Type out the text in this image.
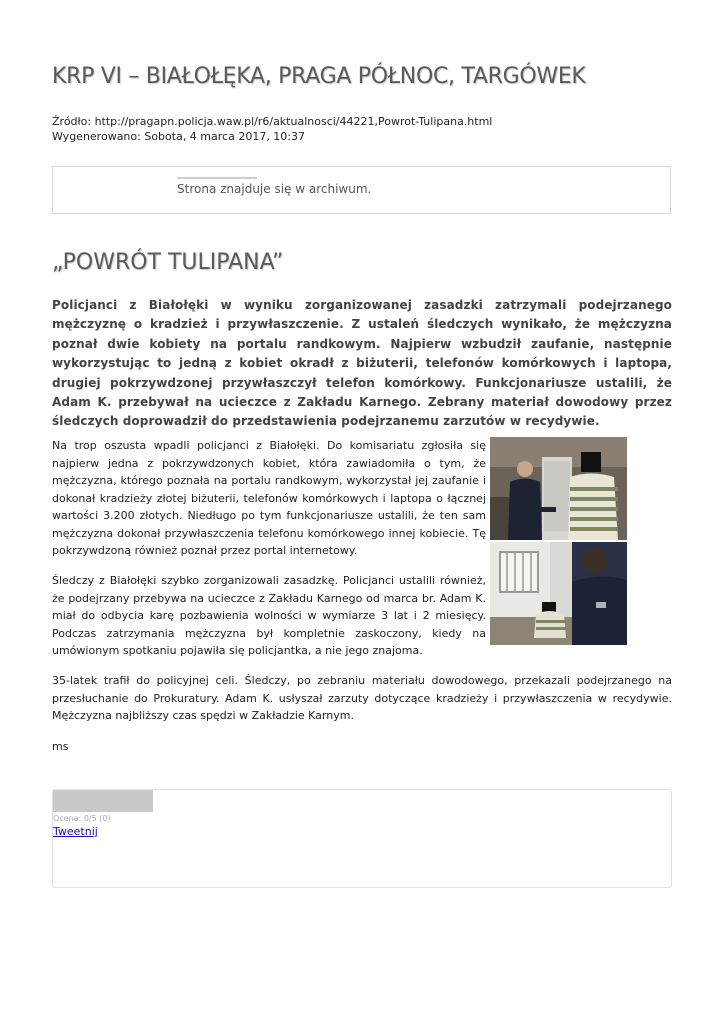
KRP VI – BIAŁOŁĘKA, PRAGA PÓŁNOC, TARGÓWEK
Źródło: http://pragapn.policja.waw.pl/r6/aktualnosci/44221,Powrot-Tulipana.html
Wygenerowano: Sobota, 4 marca 2017, 10:37
Strona znajduje się w archiwum.
„POWRÓT TULIPANA”

Policjanci z Białołęki w wyniku zorganizowanej zasadzki zatrzymali podejrzanego mężczyznę o kradzież i przywłaszczenie. Z ustaleń śledczych wynikało, że mężczyzna poznał dwie kobiety na portalu randkowym. Najpierw wzbudził zaufanie, następnie wykorzystując to jedną z kobiet okradł z biżuterii, telefonów komórkowych i laptopa, drugiej pokrzywdzonej przywłaszczył telefon komórkowy. Funkcjonariusze ustalili, że Adam K. przebywał na ucieczce z Zakładu Karnego. Zebrany materiał dowodowy przez śledczych doprowadził do przedstawienia podejrzanemu zarzutów w recydywie.

Na trop oszusta wpadli policjanci z Białołęki. Do komisariatu zgłosiła się najpierw jedna z pokrzywdzonych kobiet, która zawiadomiła o tym, że mężczyzna, którego poznała na portalu randkowym, wykorzystał jej zaufanie i dokonał kradzieży złotej biżuterii, telefonów komórkowych i laptopa o łącznej wartości 3.200 złotych. Niedługo po tym funkcjonariusze ustalili, że ten sam mężczyzna dokonał przywłaszczenia telefonu komórkowego innej kobiecie. Tę pokrzywdzoną również poznał przez portal internetowy.

Śledczy z Białołęki szybko zorganizowali zasadzkę. Policjanci ustalili również, że podejrzany przebywa na ucieczce z Zakładu Karnego od marca br. Adam K. miał do odbycia karę pozbawienia wolności w wymiarze 3 lat i 2 miesięcy. Podczas zatrzymania mężczyzna był kompletnie zaskoczony, kiedy na umówionym spotkaniu pojawiła się policjantka, a nie jego znajoma.

35-latek trafił do policyjnej celi. Śledczy, po zebraniu materiału dowodowego, przekazali podejrzanego na przesłuchanie do Prokuratury. Adam K. usłyszał zarzuty dotyczące kradzieży i przywłaszczenia w recydywie. Mężczyzna najbliższy czas spędzi w Zakładzie Karnym.

ms

Ocena: 0/5 (0)
Tweetnij
